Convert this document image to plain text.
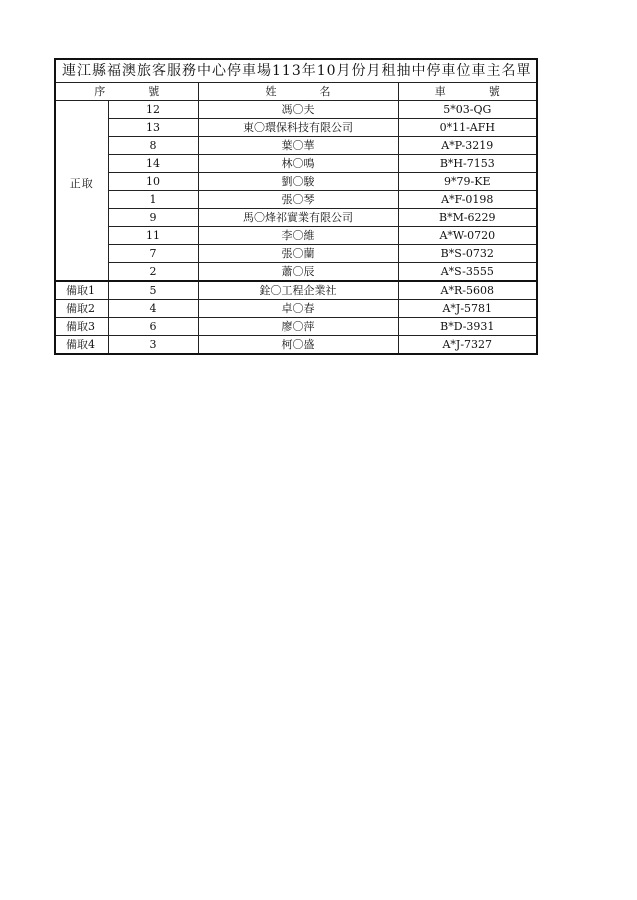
連江縣福澳旅客服務中心停車場113年10月份月租抽中停車位車主名單			
序　號		姓　名	車　號
正取	12	馮〇夫	5*03-QG
	13	東〇環保科技有限公司	0*11-AFH
	8	葉〇華	A*P-3219
	14	林〇鳴	B*H-7153
	10	劉〇駿	9*79-KE
	1	張〇琴	A*F-0198
	9	馬〇烽祁實業有限公司	B*M-6229
	11	李〇維	A*W-0720
	7	張〇蘭	B*S-0732
	2	蕭〇辰	A*S-3555
備取1	5	銓〇工程企業社	A*R-5608
備取2	4	卓〇春	A*J-5781
備取3	6	廖〇萍	B*D-3931
備取4	3	柯〇盛	A*J-7327
